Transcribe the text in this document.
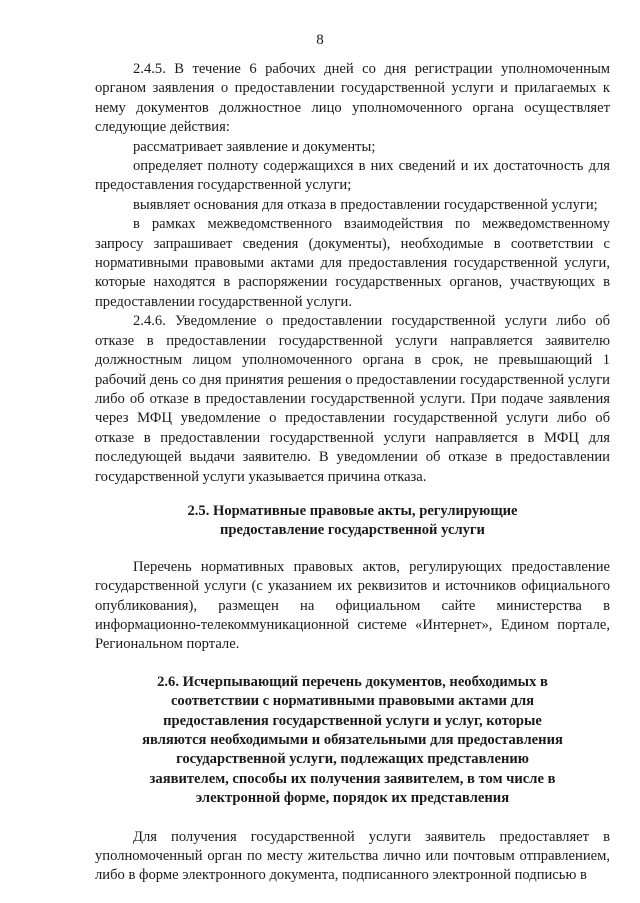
8

2.4.5. В течение 6 рабочих дней со дня регистрации уполномоченным органом заявления о предоставлении государственной услуги и прилагаемых к нему документов должностное лицо уполномоченного органа осуществляет следующие действия:

рассматривает заявление и документы;

определяет полноту содержащихся в них сведений и их достаточность для предоставления государственной услуги;

выявляет основания для отказа в предоставлении государственной услуги;

в рамках межведомственного взаимодействия по межведомственному запросу запрашивает сведения (документы), необходимые в соответствии с нормативными правовыми актами для предоставления государственной услуги, которые находятся в распоряжении государственных органов, участвующих в предоставлении государственной услуги.

2.4.6. Уведомление о предоставлении государственной услуги либо об отказе в предоставлении государственной услуги направляется заявителю должностным лицом уполномоченного органа в срок, не превышающий 1 рабочий день со дня принятия решения о предоставлении государственной услуги либо об отказе в предоставлении государственной услуги. При подаче заявления через МФЦ уведомление о предоставлении государственной услуги либо об отказе в предоставлении государственной услуги направляется в МФЦ для последующей выдачи заявителю. В уведомлении об отказе в предоставлении государственной услуги указывается причина отказа.

2.5. Нормативные правовые акты, регулирующие предоставление государственной услуги

Перечень нормативных правовых актов, регулирующих предоставление государственной услуги (с указанием их реквизитов и источников официального опубликования), размещен на официальном сайте министерства в информационно-телекоммуникационной системе «Интернет», Едином портале, Региональном портале.

2.6. Исчерпывающий перечень документов, необходимых в соответствии с нормативными правовыми актами для предоставления государственной услуги и услуг, которые являются необходимыми и обязательными для предоставления государственной услуги, подлежащих представлению заявителем, способы их получения заявителем, в том числе в электронной форме, порядок их представления

Для получения государственной услуги заявитель предоставляет в уполномоченный орган по месту жительства лично или почтовым отправлением, либо в форме электронного документа, подписанного электронной подписью в
